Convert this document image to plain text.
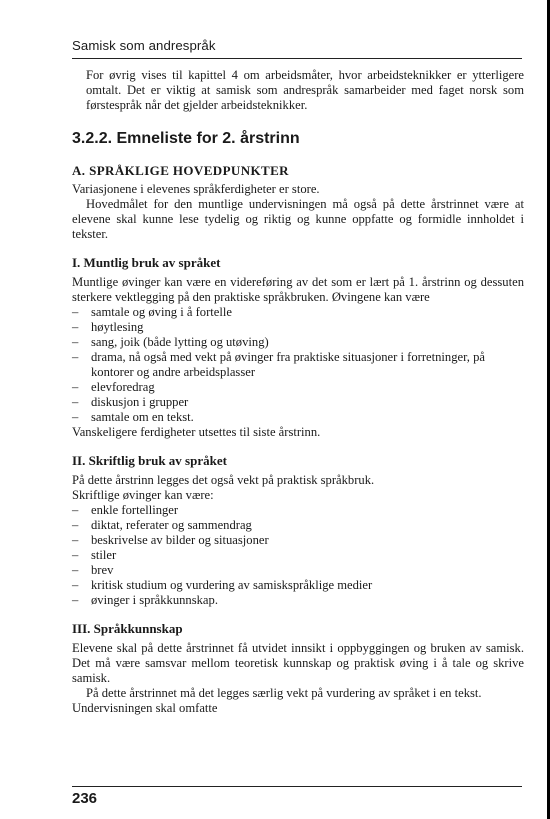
Samisk som andrespråk

For øvrig vises til kapittel 4 om arbeidsmåter, hvor arbeidsteknikker er ytterligere omtalt. Det er viktig at samisk som andrespråk samarbeider med faget norsk som førstespråk når det gjelder arbeidsteknikker.

3.2.2. Emneliste for 2. årstrinn
A. SPRÅKLIGE HOVEDPUNKTER

Variasjonene i elevenes språkferdigheter er store.

Hovedmålet for den muntlige undervisningen må også på dette årstrinnet være at elevene skal kunne lese tydelig og riktig og kunne oppfatte og formidle innholdet i tekster.

I. Muntlig bruk av språket

Muntlige øvinger kan være en videreføring av det som er lært på 1. årstrinn og dessuten sterkere vektlegging på den praktiske språkbruken. Øvingene kan være

– samtale og øving i å fortelle
– høytlesing
– sang, joik (både lytting og utøving)
– drama, nå også med vekt på øvinger fra praktiske situasjoner i forretninger, på kontorer og andre arbeidsplasser
– elevforedrag
– diskusjon i grupper
– samtale om en tekst.

Vanskeligere ferdigheter utsettes til siste årstrinn.

II. Skriftlig bruk av språket

På dette årstrinn legges det også vekt på praktisk språkbruk.

Skriftlige øvinger kan være:

– enkle fortellinger
– diktat, referater og sammendrag
– beskrivelse av bilder og situasjoner
– stiler
– brev
– kritisk studium og vurdering av samiskspråklige medier
– øvinger i språkkunnskap.
III. Språkkunnskap

Elevene skal på dette årstrinnet få utvidet innsikt i oppbyggingen og bruken av samisk. Det må være samsvar mellom teoretisk kunnskap og praktisk øving i å tale og skrive samisk.

På dette årstrinnet må det legges særlig vekt på vurdering av språket i en tekst.

Undervisningen skal omfatte

236
